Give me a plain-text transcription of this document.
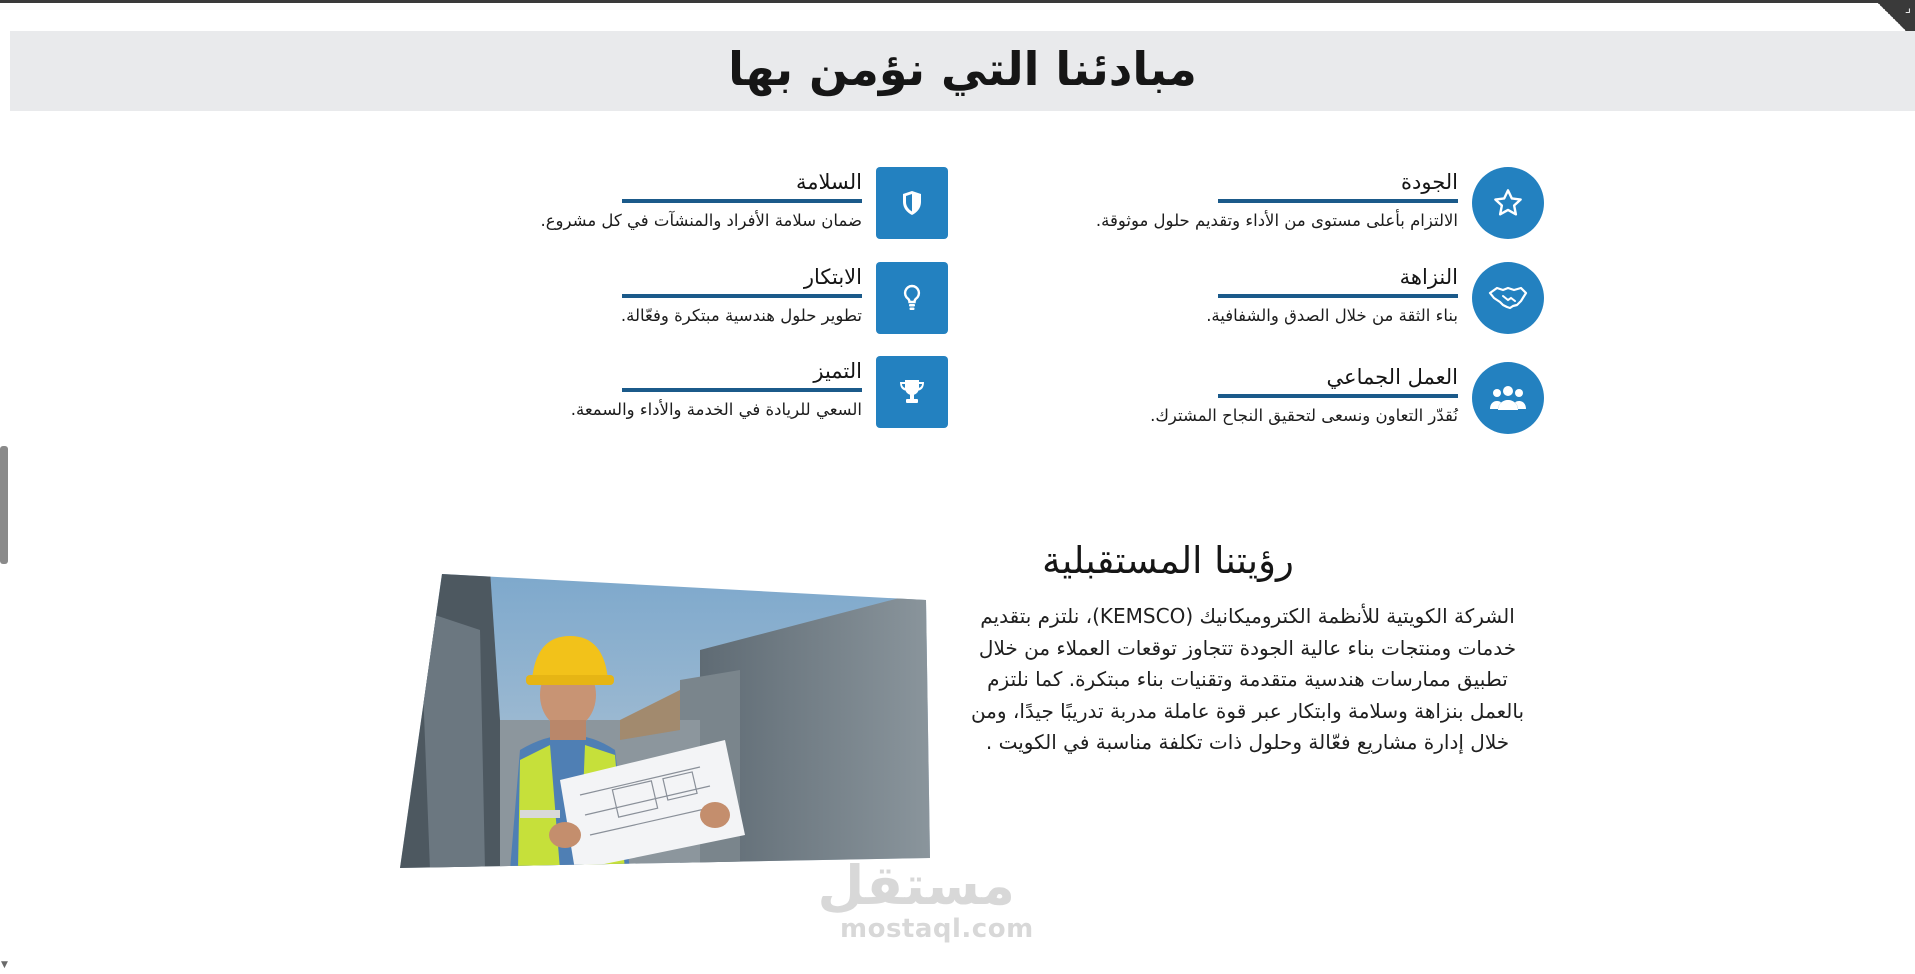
▼
⌟
مبادئنا التي نؤمن بها
الجودة
الالتزام بأعلى مستوى من الأداء وتقديم حلول موثوقة.
النزاهة
بناء الثقة من خلال الصدق والشفافية.
العمل الجماعي
نُقدّر التعاون ونسعى لتحقيق النجاح المشترك.
السلامة
ضمان سلامة الأفراد والمنشآت في كل مشروع.
الابتكار
تطوير حلول هندسية مبتكرة وفعّالة.
التميز
السعي للريادة في الخدمة والأداء والسمعة.
رؤيتنا المستقبلية
الشركة الكويتية للأنظمة الكتروميكانيك (KEMSCO)، نلتزم بتقديم خدمات ومنتجات بناء عالية الجودة تتجاوز توقعات العملاء من خلال تطبيق ممارسات هندسية متقدمة وتقنيات بناء مبتكرة. كما نلتزم بالعمل بنزاهة وسلامة وابتكار عبر قوة عاملة مدربة تدريبًا جيدًا، ومن خلال إدارة مشاريع فعّالة وحلول ذات تكلفة مناسبة في الكويت .
مستقل
mostaql.com
